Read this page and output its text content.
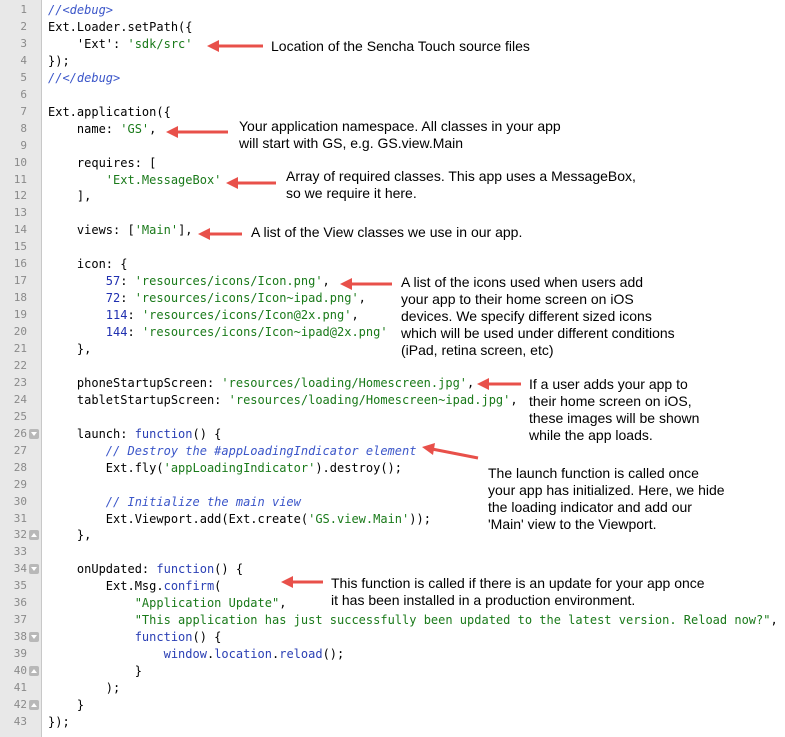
1 //<debug>
2 Ext.Loader.setPath({
3 'Ext': 'sdk/src'
4 });
5 //</debug>
6
7 Ext.application({
8 name: 'GS',
9
10 requires: [
11	'Ext.MessageBox'
12 ],
13
14 views: ['Main'],
15
16 icon: {
17	57: 'resources/icons/Icon.png',
18	72: 'resources/icons/Icon~ipad.png',
19	114: 'resources/icons/Icon@2x.png',
20	144: 'resources/icons/Icon~ipad@2x.png'
21 },
22
23 phoneStartupScreen: 'resources/loading/Homescreen.jpg',
24 tabletStartupScreen: 'resources/loading/Homescreen~ipad.jpg',
25
26 launch: function() {
27	// Destroy the #appLoadingIndicator element
28 Ext.fly('appLoadingIndicator').destroy();
29
30	// Initialize the main view
31 Ext.Viewport.add(Ext.create('GS.view.Main'));
32 },
33
34 onUpdated: function() {
35 Ext.Msg.confirm(
36	"Application Update",
37	"This application has just successfully been updated to the latest version. Reload now?",
38	function() {
39	window.location.reload();
40 }
41 );
42 }
43 });
Location of the Sencha Touch source files
Your application namespace. All classes in your app
will start with GS, e.g. GS.view.Main
Array of required classes. This app uses a MessageBox,
so we require it here.
A list of the View classes we use in our app.
A list of the icons used when users add
your app to their home screen on iOS
devices. We specify different sized icons
which will be used under different conditions
(iPad, retina screen, etc)
If a user adds your app to
their home screen on iOS,
these images will be shown
while the app loads.
The launch function is called once
your app has initialized. Here, we hide
the loading indicator and add our
'Main' view to the Viewport.
This function is called if there is an update for your app once
it has been installed in a production environment.
